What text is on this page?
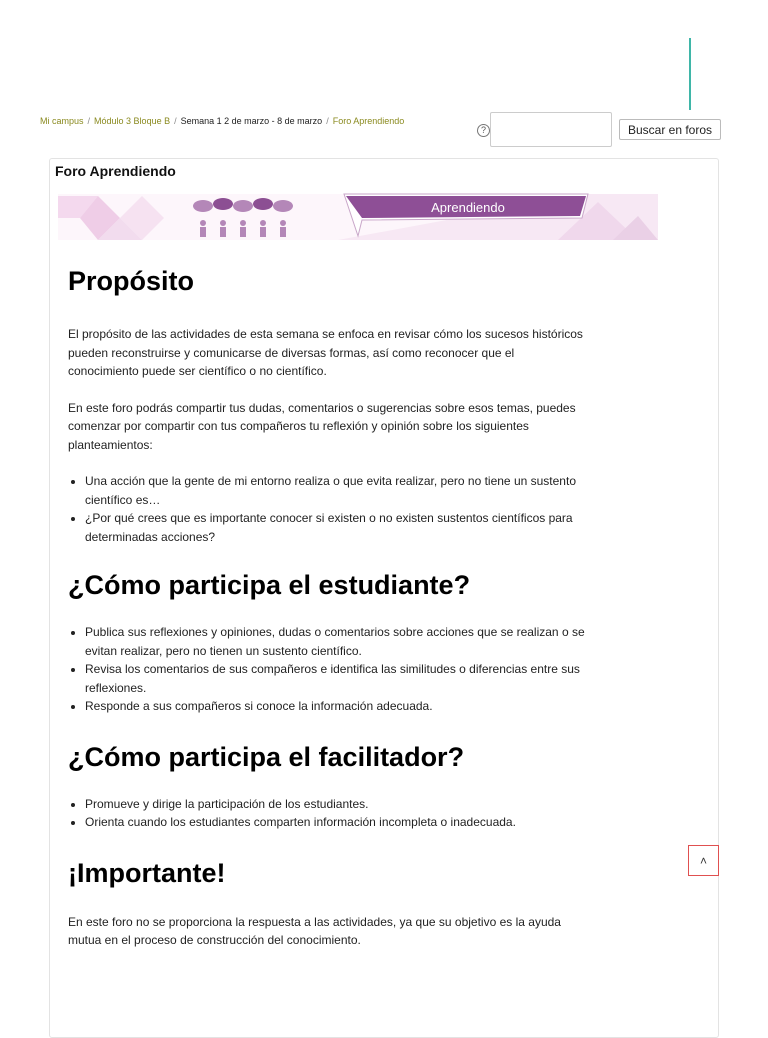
Mi campus / Módulo 3 Bloque B / Semana 1 2 de marzo - 8 de marzo / Foro Aprendiendo
?	Buscar en foros
Foro Aprendiendo
Aprendiendo
Propósito

El propósito de las actividades de esta semana se enfoca en revisar cómo los sucesos históricos pueden reconstruirse y comunicarse de diversas formas, así como reconocer que el conocimiento puede ser científico o no científico.

En este foro podrás compartir tus dudas, comentarios o sugerencias sobre esos temas, puedes comenzar por compartir con tus compañeros tu reflexión y opinión sobre los siguientes planteamientos:

• Una acción que la gente de mi entorno realiza o que evita realizar, pero no tiene un sustento científico es…
• ¿Por qué crees que es importante conocer si existen o no existen sustentos científicos para determinadas acciones?
¿Cómo participa el estudiante?
• Publica sus reflexiones y opiniones, dudas o comentarios sobre acciones que se realizan o se evitan realizar, pero no tienen un sustento científico.
• Revisa los comentarios de sus compañeros e identifica las similitudes o diferencias entre sus reflexiones.
• Responde a sus compañeros si conoce la información adecuada.
¿Cómo participa el facilitador?
• Promueve y dirige la participación de los estudiantes.
• Orienta cuando los estudiantes comparten información incompleta o inadecuada.
¡Importante!

En este foro no se proporciona la respuesta a las actividades, ya que su objetivo es la ayuda mutua en el proceso de construcción del conocimiento.

˄
